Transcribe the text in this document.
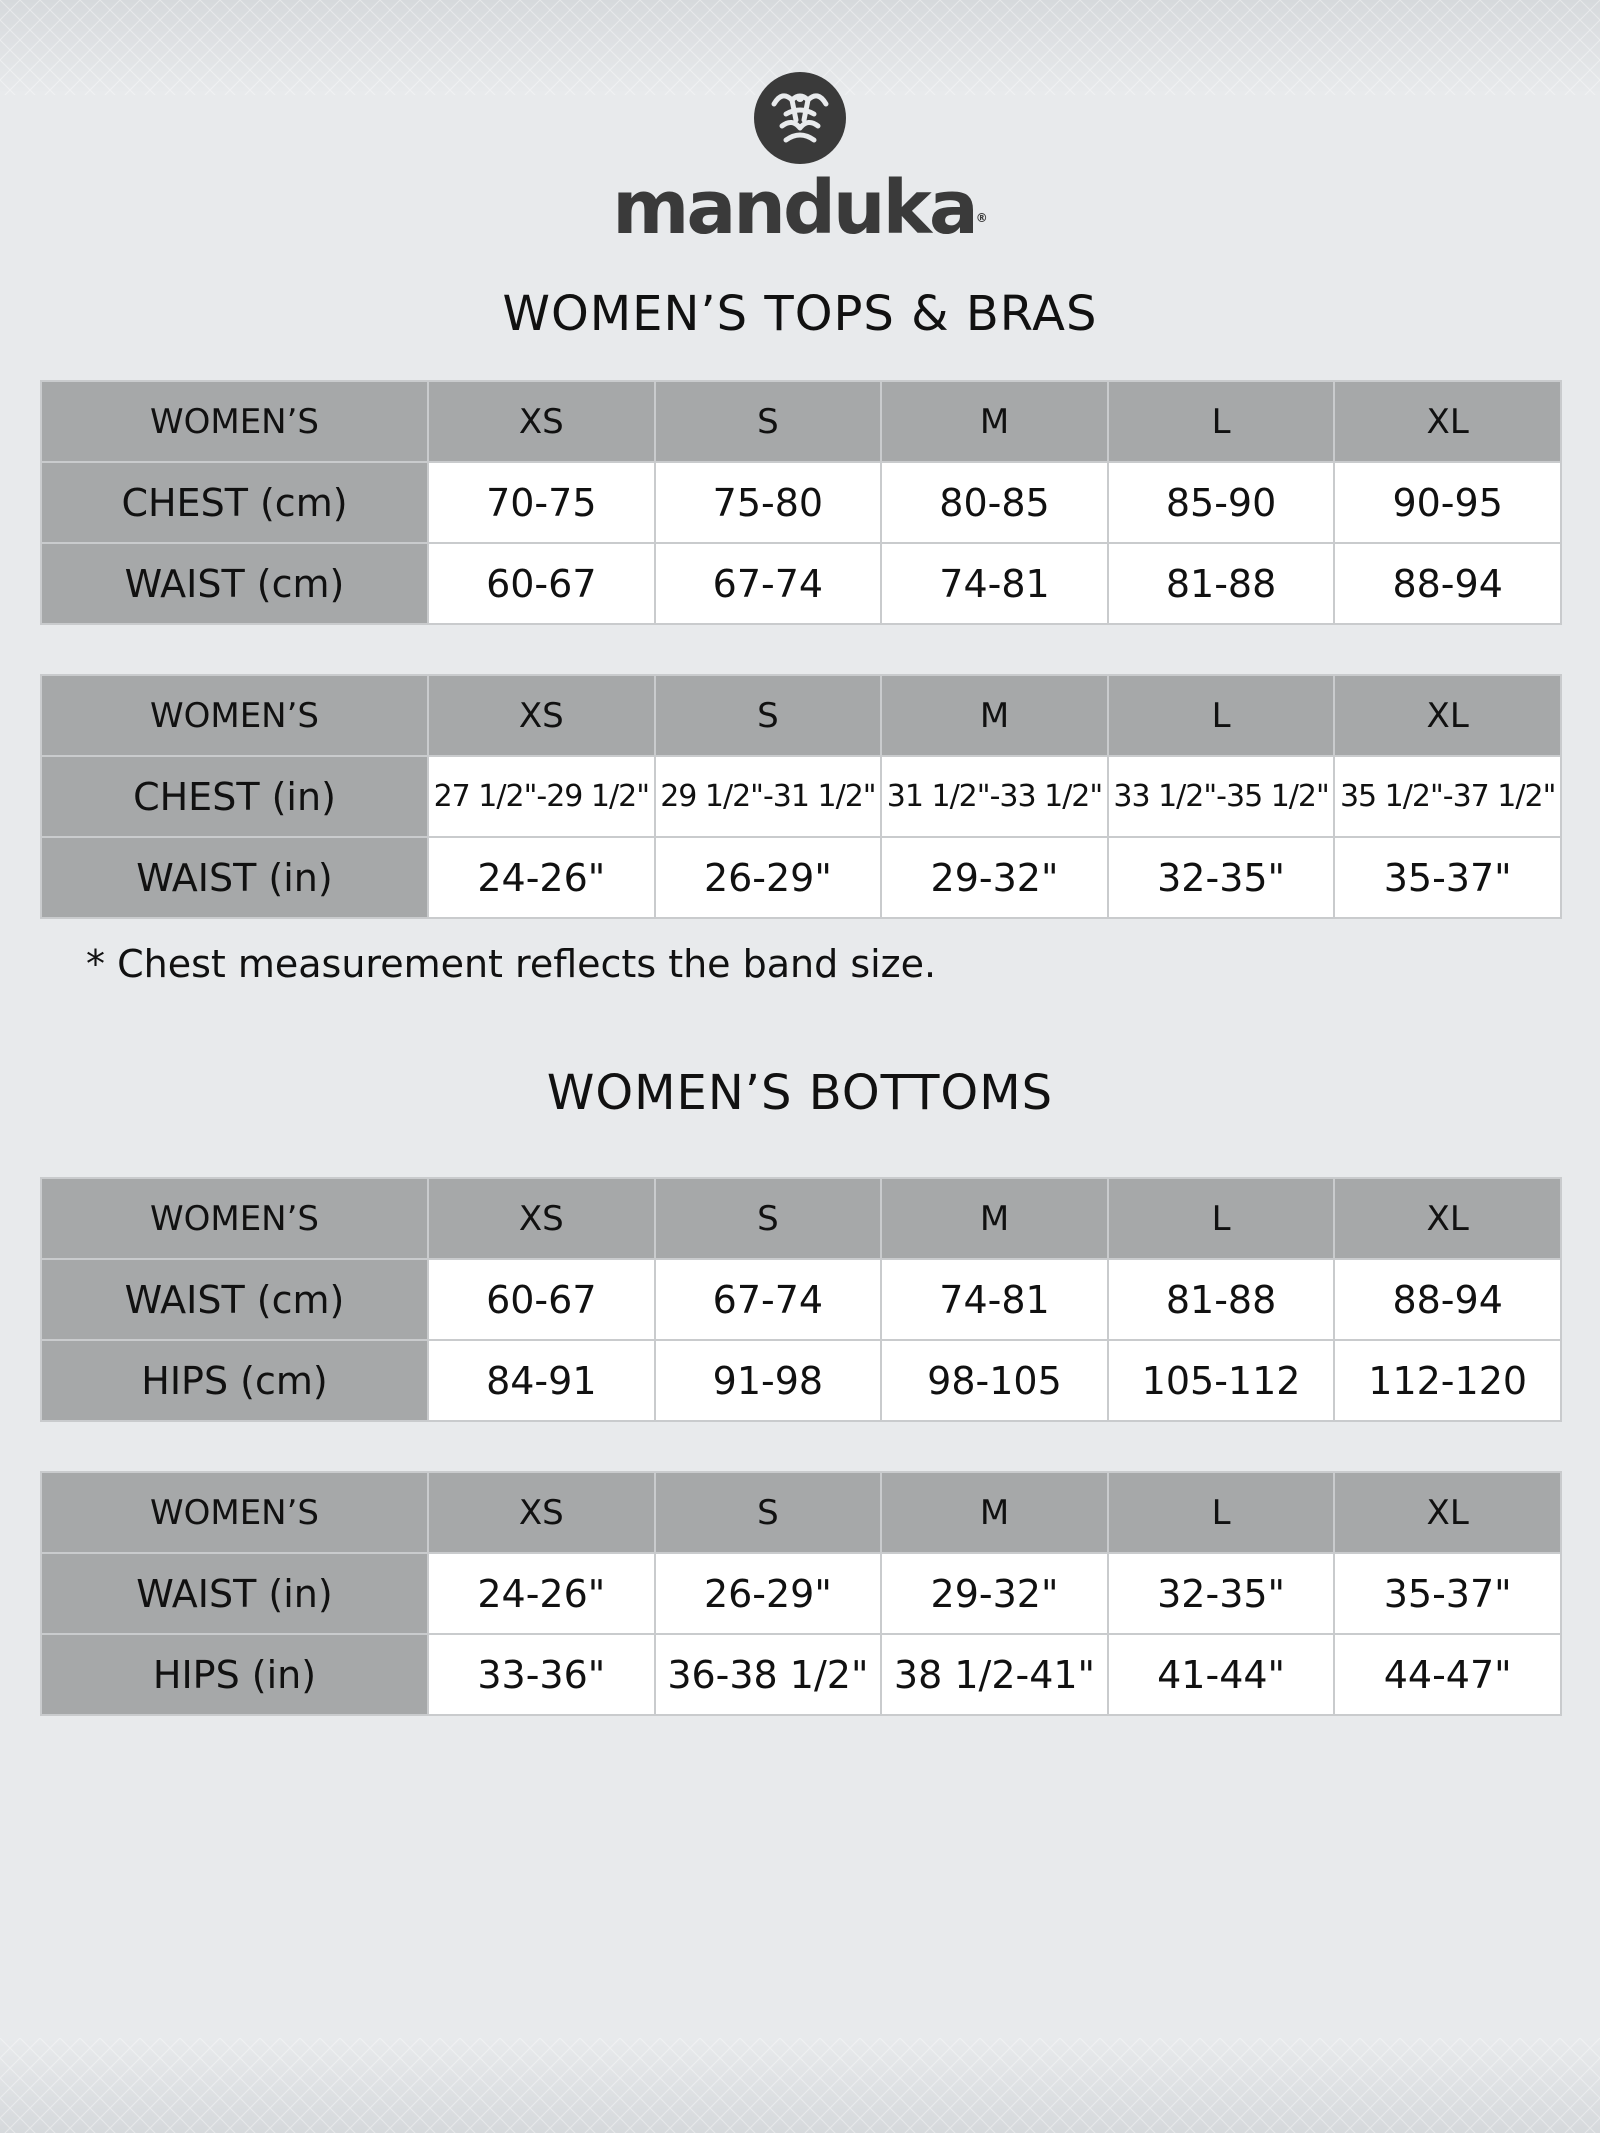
manduka®
WOMEN’S TOPS & BRAS
WOMEN’S	XS	S	M	L	XL
CHEST (cm)	70-75	75-80	80-85	85-90	90-95
WAIST (cm)	60-67	67-74	74-81	81-88	88-94
WOMEN’S	XS	S	M	L	XL
CHEST (in)	27 1/2"-29 1/2"	29 1/2"-31 1/2"	31 1/2"-33 1/2"	33 1/2"-35 1/2"	35 1/2"-37 1/2"
WAIST (in)	24-26"	26-29"	29-32"	32-35"	35-37"

* Chest measurement reflects the band size.

WOMEN’S BOTTOMS
WOMEN’S	XS	S	M	L	XL
WAIST (cm)	60-67	67-74	74-81	81-88	88-94
HIPS (cm)	84-91	91-98	98-105	105-112	112-120
WOMEN’S	XS	S	M	L	XL
WAIST (in)	24-26"	26-29"	29-32"	32-35"	35-37"
HIPS (in)	33-36"	36-38 1/2"	38 1/2-41"	41-44"	44-47"
